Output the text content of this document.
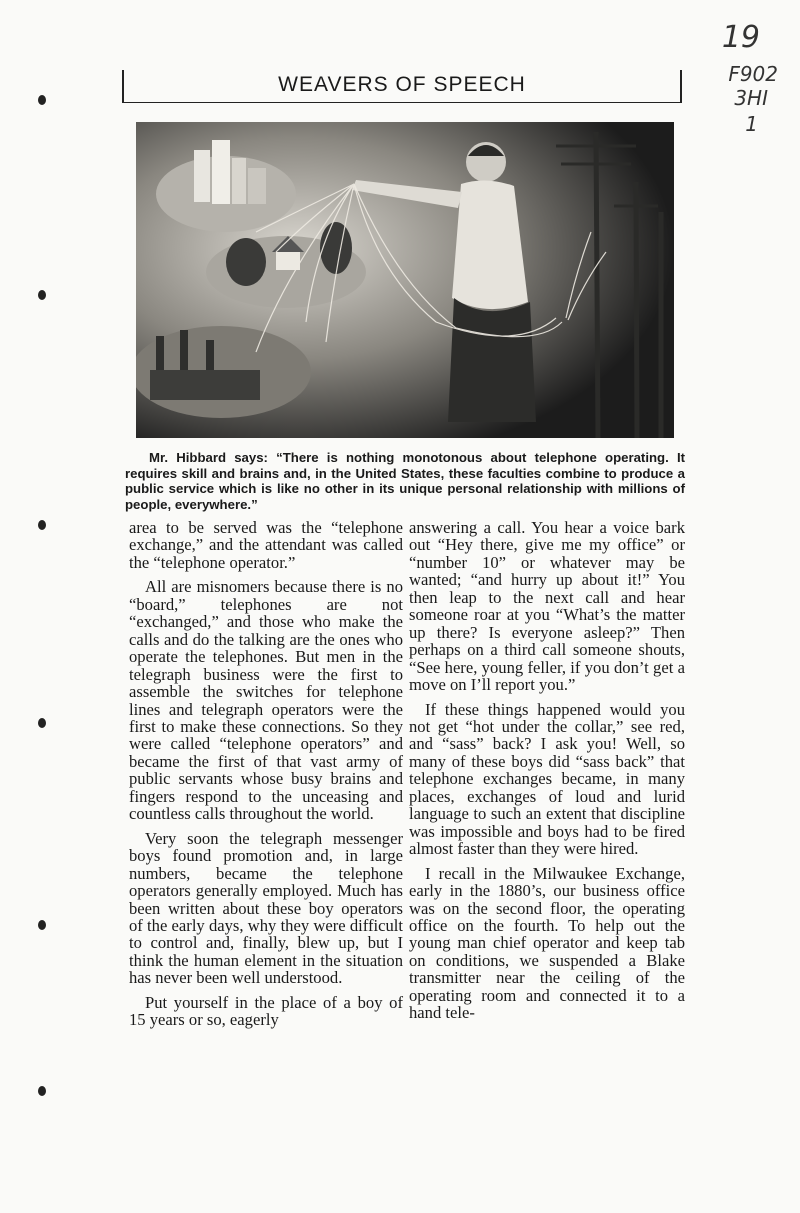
19
F902
3HI
1
WEAVERS OF SPEECH
Mr. Hibbard says: “There is nothing monotonous about telephone operating. It requires skill and brains and, in the United States, these faculties combine to produce a public service which is like no other in its unique personal relationship with millions of people, everywhere.”

area to be served was the “telephone exchange,” and the attendant was called the “telephone operator.”

All are misnomers because there is no “board,” telephones are not “exchanged,” and those who make the calls and do the talking are the ones who operate the telephones. But men in the telegraph business were the first to assemble the switches for telephone lines and telegraph operators were the first to make these connections. So they were called “telephone operators” and became the first of that vast army of public servants whose busy brains and fingers respond to the unceasing and countless calls throughout the world.

Very soon the telegraph messenger boys found promotion and, in large numbers, became the telephone operators generally employed. Much has been written about these boy operators of the early days, why they were difficult to control and, finally, blew up, but I think the human element in the situation has never been well understood.

Put yourself in the place of a boy of 15 years or so, eagerly

answering a call. You hear a voice bark out “Hey there, give me my office” or “number 10” or whatever may be wanted; “and hurry up about it!” You then leap to the next call and hear someone roar at you “What’s the matter up there? Is everyone asleep?” Then perhaps on a third call someone shouts, “See here, young feller, if you don’t get a move on I’ll report you.”

If these things happened would you not get “hot under the collar,” see red, and “sass” back? I ask you! Well, so many of these boys did “sass back” that telephone exchanges became, in many places, exchanges of loud and lurid language to such an extent that discipline was impossible and boys had to be fired almost faster than they were hired.

I recall in the Milwaukee Exchange, early in the 1880’s, our business office was on the second floor, the operating office on the fourth. To help out the young man chief operator and keep tab on conditions, we suspended a Blake transmitter near the ceiling of the operating room and connected it to a hand tele-
